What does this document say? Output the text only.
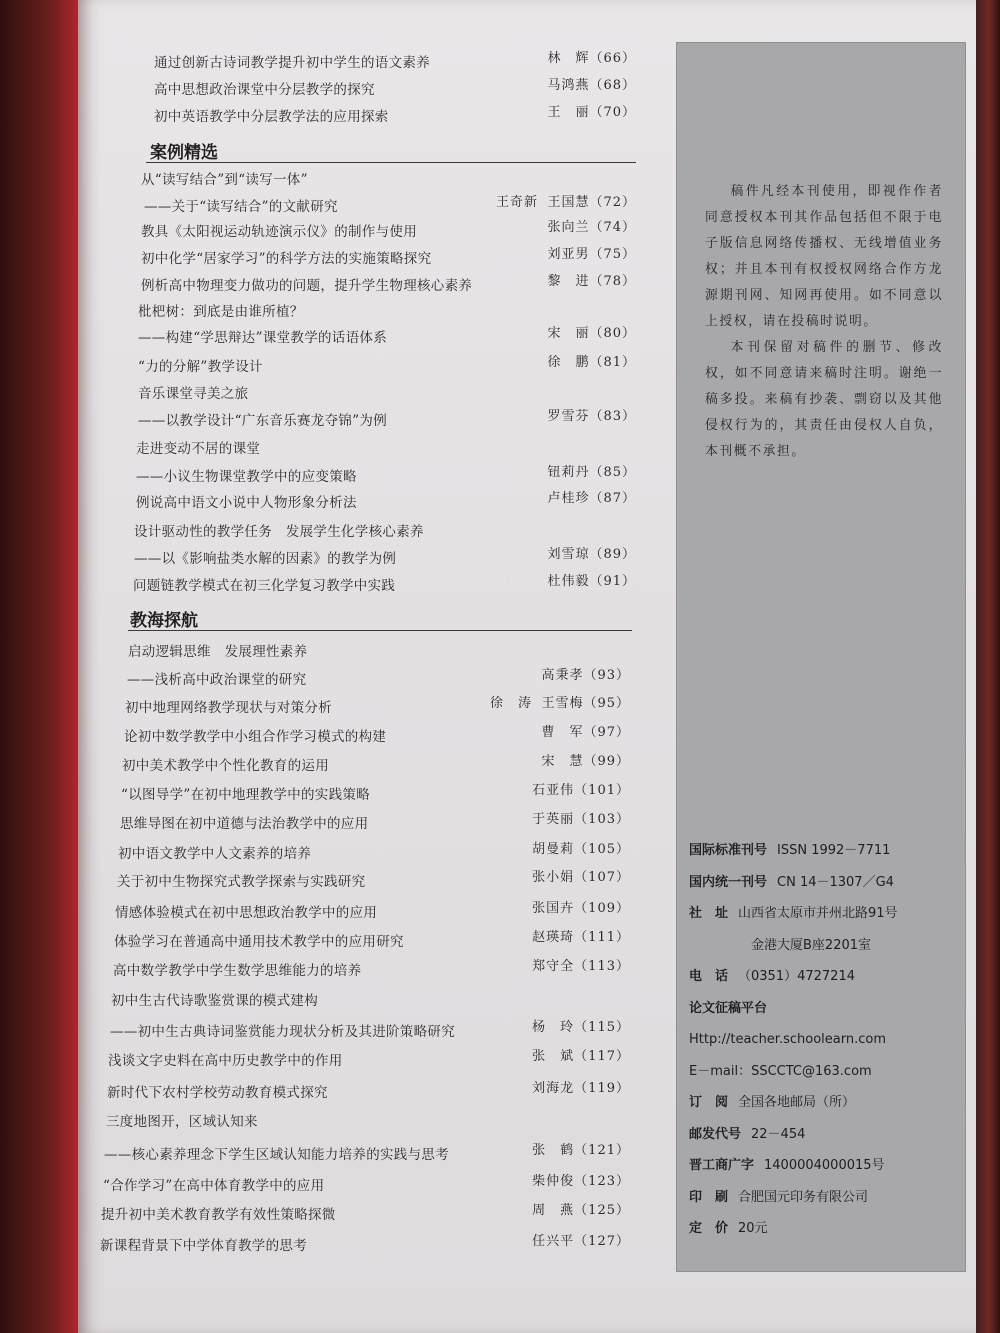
通过创新古诗词教学提升初中学生的语文素养	林　辉（66）
高中思想政治课堂中分层教学的探究	马鸿燕（68）
初中英语教学中分层教学法的应用探索	王　丽（70）
案例精选
从“读写结合”到“读写一体”
——关于“读写结合”的文献研究	王奇新 王国慧（72）
教具《太阳视运动轨迹演示仪》的制作与使用	张向兰（74）
初中化学“居家学习”的科学方法的实施策略探究	刘亚男（75）
例析高中物理变力做功的问题，提升学生物理核心素养	黎　进（78）
枇杷树：到底是由谁所植？
——构建“学思辩达”课堂教学的话语体系	宋　丽（80）
“力的分解”教学设计	徐　鹏（81）
音乐课堂寻美之旅
——以教学设计“广东音乐赛龙夺锦”为例	罗雪芬（83）
走进变动不居的课堂
——小议生物课堂教学中的应变策略	钮莉丹（85）
例说高中语文小说中人物形象分析法	卢桂珍（87）
设计驱动性的教学任务　发展学生化学核心素养
——以《影响盐类水解的因素》的教学为例	刘雪琼（89）
问题链教学模式在初三化学复习教学中实践	杜伟毅（91）
教海探航
启动逻辑思维　发展理性素养
——浅析高中政治课堂的研究	高秉孝（93）
初中地理网络教学现状与对策分析	徐　涛 王雪梅（95）
论初中数学教学中小组合作学习模式的构建	曹　军（97）
初中美术教学中个性化教育的运用	宋　慧（99）
“以图导学”在初中地理教学中的实践策略	石亚伟（101）
思维导图在初中道德与法治教学中的应用	于英丽（103）
初中语文教学中人文素养的培养	胡曼莉（105）
关于初中生物探究式教学探索与实践研究	张小娟（107）
情感体验模式在初中思想政治教学中的应用	张国卉（109）
体验学习在普通高中通用技术教学中的应用研究	赵瑛琦（111）
高中数学教学中学生数学思维能力的培养	郑守全（113）
初中生古代诗歌鉴赏课的模式建构
——初中生古典诗词鉴赏能力现状分析及其进阶策略研究	杨　玲（115）
浅谈文字史料在高中历史教学中的作用	张　斌（117）
新时代下农村学校劳动教育模式探究	刘海龙（119）
三度地图开，区域认知来
——核心素养理念下学生区域认知能力培养的实践与思考	张　鹤（121）
“合作学习”在高中体育教学中的应用	柴仲俊（123）
提升初中美术教育教学有效性策略探微	周　燕（125）
新课程背景下中学体育教学的思考	任兴平（127）

稿件凡经本刊使用，即视作作者同意授权本刊其作品包括但不限于电子版信息网络传播权、无线增值业务权；并且本刊有权授权网络合作方龙源期刊网、知网再使用。如不同意以上授权，请在投稿时说明。

本刊保留对稿件的删节、修改权，如不同意请来稿时注明。谢绝一稿多投。来稿有抄袭、剽窃以及其他侵权行为的，其责任由侵权人自负，本刊概不承担。

国际标准刊号 ISSN 1992－7711
国内统一刊号 CN 14－1307／G4
社　址 山西省太原市并州北路91号
金港大厦B座2201室
电　话 （0351）4727214
论文征稿平台
Http://teacher.schoolearn.com
E－mail：SSCCTC@163.com
订　阅 全国各地邮局（所）
邮发代号 22－454
晋工商广字 1400004000015号
印　刷 合肥国元印务有限公司
定　价 20元
